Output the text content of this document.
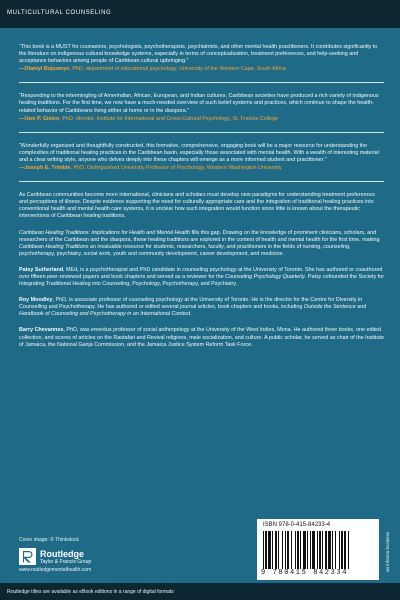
MULTICULTURAL COUNSELING

“This book is a MUST for counselors, psychologists, psychotherapists, psychiatrists, and other mental health practitioners. It contributes significantly to the literature on indigenous cultural knowledge systems, especially in terms of conceptualization, treatment preferences, and help-seeking and acceptance behaviors among people of Caribbean cultural upbringing.”

—Olaniyi Bojuwoye, PhD, department of educational psychology, University of the Western Cape, South Africa

“Responding to the intermingling of Amerindian, African, European, and Indian cultures, Caribbean societies have produced a rich variety of indigenous healing traditions. For the first time, we now have a much-needed overview of such belief systems and practices, which continue to shape the health-related behavior of Caribbeans living either at home or in the diaspora.”

—Uwe P. Gielen, PhD, director, Institute for International and Cross-Cultural Psychology, St. Francis College

“Wonderfully organized and thoughtfully constructed, this formative, comprehensive, engaging book will be a major resource for understanding the complexities of traditional healing practices in the Caribbean basin, especially those associated with mental health. With a wealth of interesting material and a clear writing style, anyone who delves deeply into these chapters will emerge as a more informed student and practitioner.”

—Joseph E. Trimble, PhD, Distinguished University Professor of Psychology, Western Washington University

As Caribbean communities become more international, clinicians and scholars must develop new paradigms for understanding treatment preferences and perceptions of illness. Despite evidence supporting the need for culturally appropriate care and the integration of traditional healing practices into conventional health and mental health care systems, it is unclear how such integration would function since little is known about the therapeutic interventions of Caribbean healing traditions.

Caribbean Healing Traditions: Implications for Health and Mental Health fills this gap. Drawing on the knowledge of prominent clinicians, scholars, and researchers of the Caribbean and the diaspora, these healing traditions are explored in the context of health and mental health for the first time, making Caribbean Healing Traditions an invaluable resource for students, researchers, faculty, and practitioners in the fields of nursing, counseling, psychotherapy, psychiatry, social work, youth and community development, career development, and medicine.

Patsy Sutherland, MEd, is a psychotherapist and PhD candidate in counseling psychology at the University of Toronto. She has authored or coauthored over fifteen peer-reviewed papers and book chapters and served as a reviewer for the Counseling Psychology Quarterly. Patsy cofounded the Society for Integrating Traditional Healing into Counseling, Psychology, Psychotherapy, and Psychiatry.

Roy Moodley, PhD, is associate professor of counseling psychology at the University of Toronto. He is the director for the Centre for Diversity in Counselling and Psychotherapy. He has authored or edited several journal articles, book chapters and books, including Outside the Sentence and Handbook of Counseling and Psychotherapy in an International Context.

Barry Chevannes, PhD, was emeritus professor of social anthropology at the University of the West Indies, Mona. He authored three books, one edited collection, and scores of articles on the Rastafari and Revival religions, male socialization, and culture. A public scholar, he served as chair of the Institute of Jamaica, the National Ganja Commission, and the Jamaica Justice System Reform Task Force.

Cover image: © Thinkstock
Routledge
Taylor & Francis Group
www.routledgementalhealth.com
ISBN 978-0-415-84233-4
9 780415 842334
an informa business
Routledge titles are available as eBook editions in a range of digital formats
